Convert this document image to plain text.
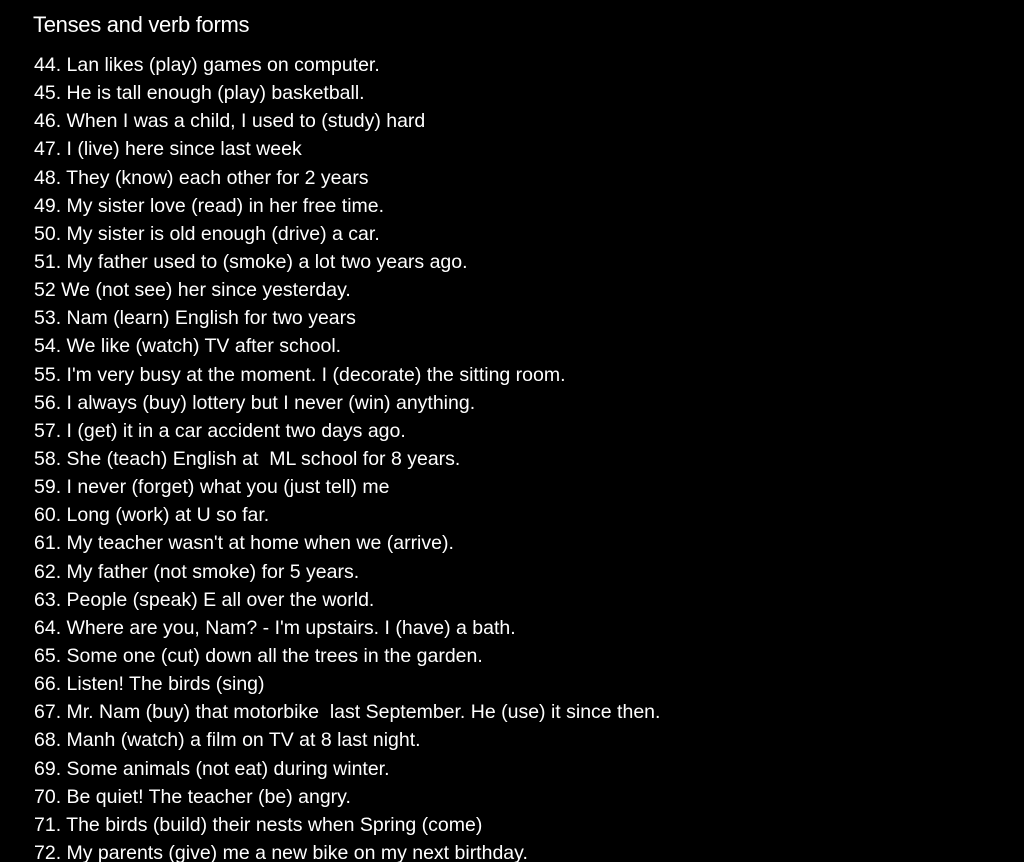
Tenses and verb forms
44. Lan likes (play) games on computer.
45. He is tall enough (play) basketball.
46. When I was a child, I used to (study) hard
47. I (live) here since last week
48. They (know) each other for 2 years
49. My sister love (read) in her free time.
50. My sister is old enough (drive) a car.
51. My father used to (smoke) a lot two years ago.
52 We (not see) her since yesterday.
53. Nam (learn) English for two years
54. We like (watch) TV after school.
55. I'm very busy at the moment. I (decorate) the sitting room.
56. I always (buy) lottery but I never (win) anything.
57. I (get) it in a car accident two days ago.
58. She (teach) English at  ML school for 8 years.
59. I never (forget) what you (just tell) me
60. Long (work) at U so far.
61. My teacher wasn't at home when we (arrive).
62. My father (not smoke) for 5 years.
63. People (speak) E all over the world.
64. Where are you, Nam? - I'm upstairs. I (have) a bath.
65. Some one (cut) down all the trees in the garden.
66. Listen! The birds (sing)
67. Mr. Nam (buy) that motorbike  last September. He (use) it since then.
68. Manh (watch) a film on TV at 8 last night.
69. Some animals (not eat) during winter.
70. Be quiet! The teacher (be) angry.
71. The birds (build) their nests when Spring (come)
72. My parents (give) me a new bike on my next birthday.
